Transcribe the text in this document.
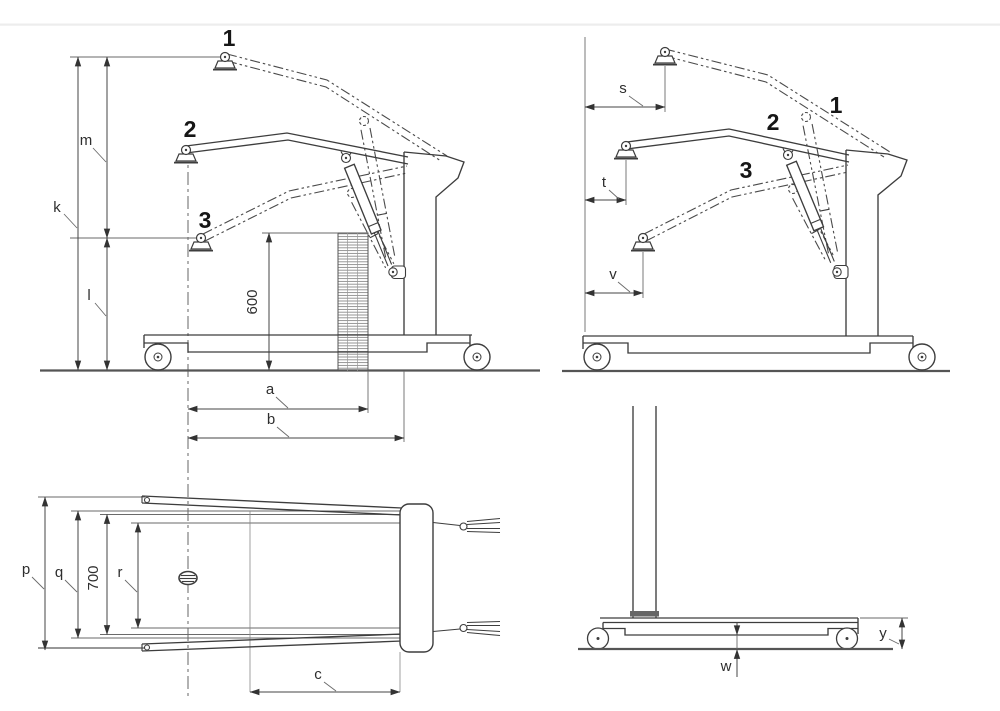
k
m
l	600
1
2
3
a
b
1
2
3
s
t
v
p q 700 r
c	w
y
